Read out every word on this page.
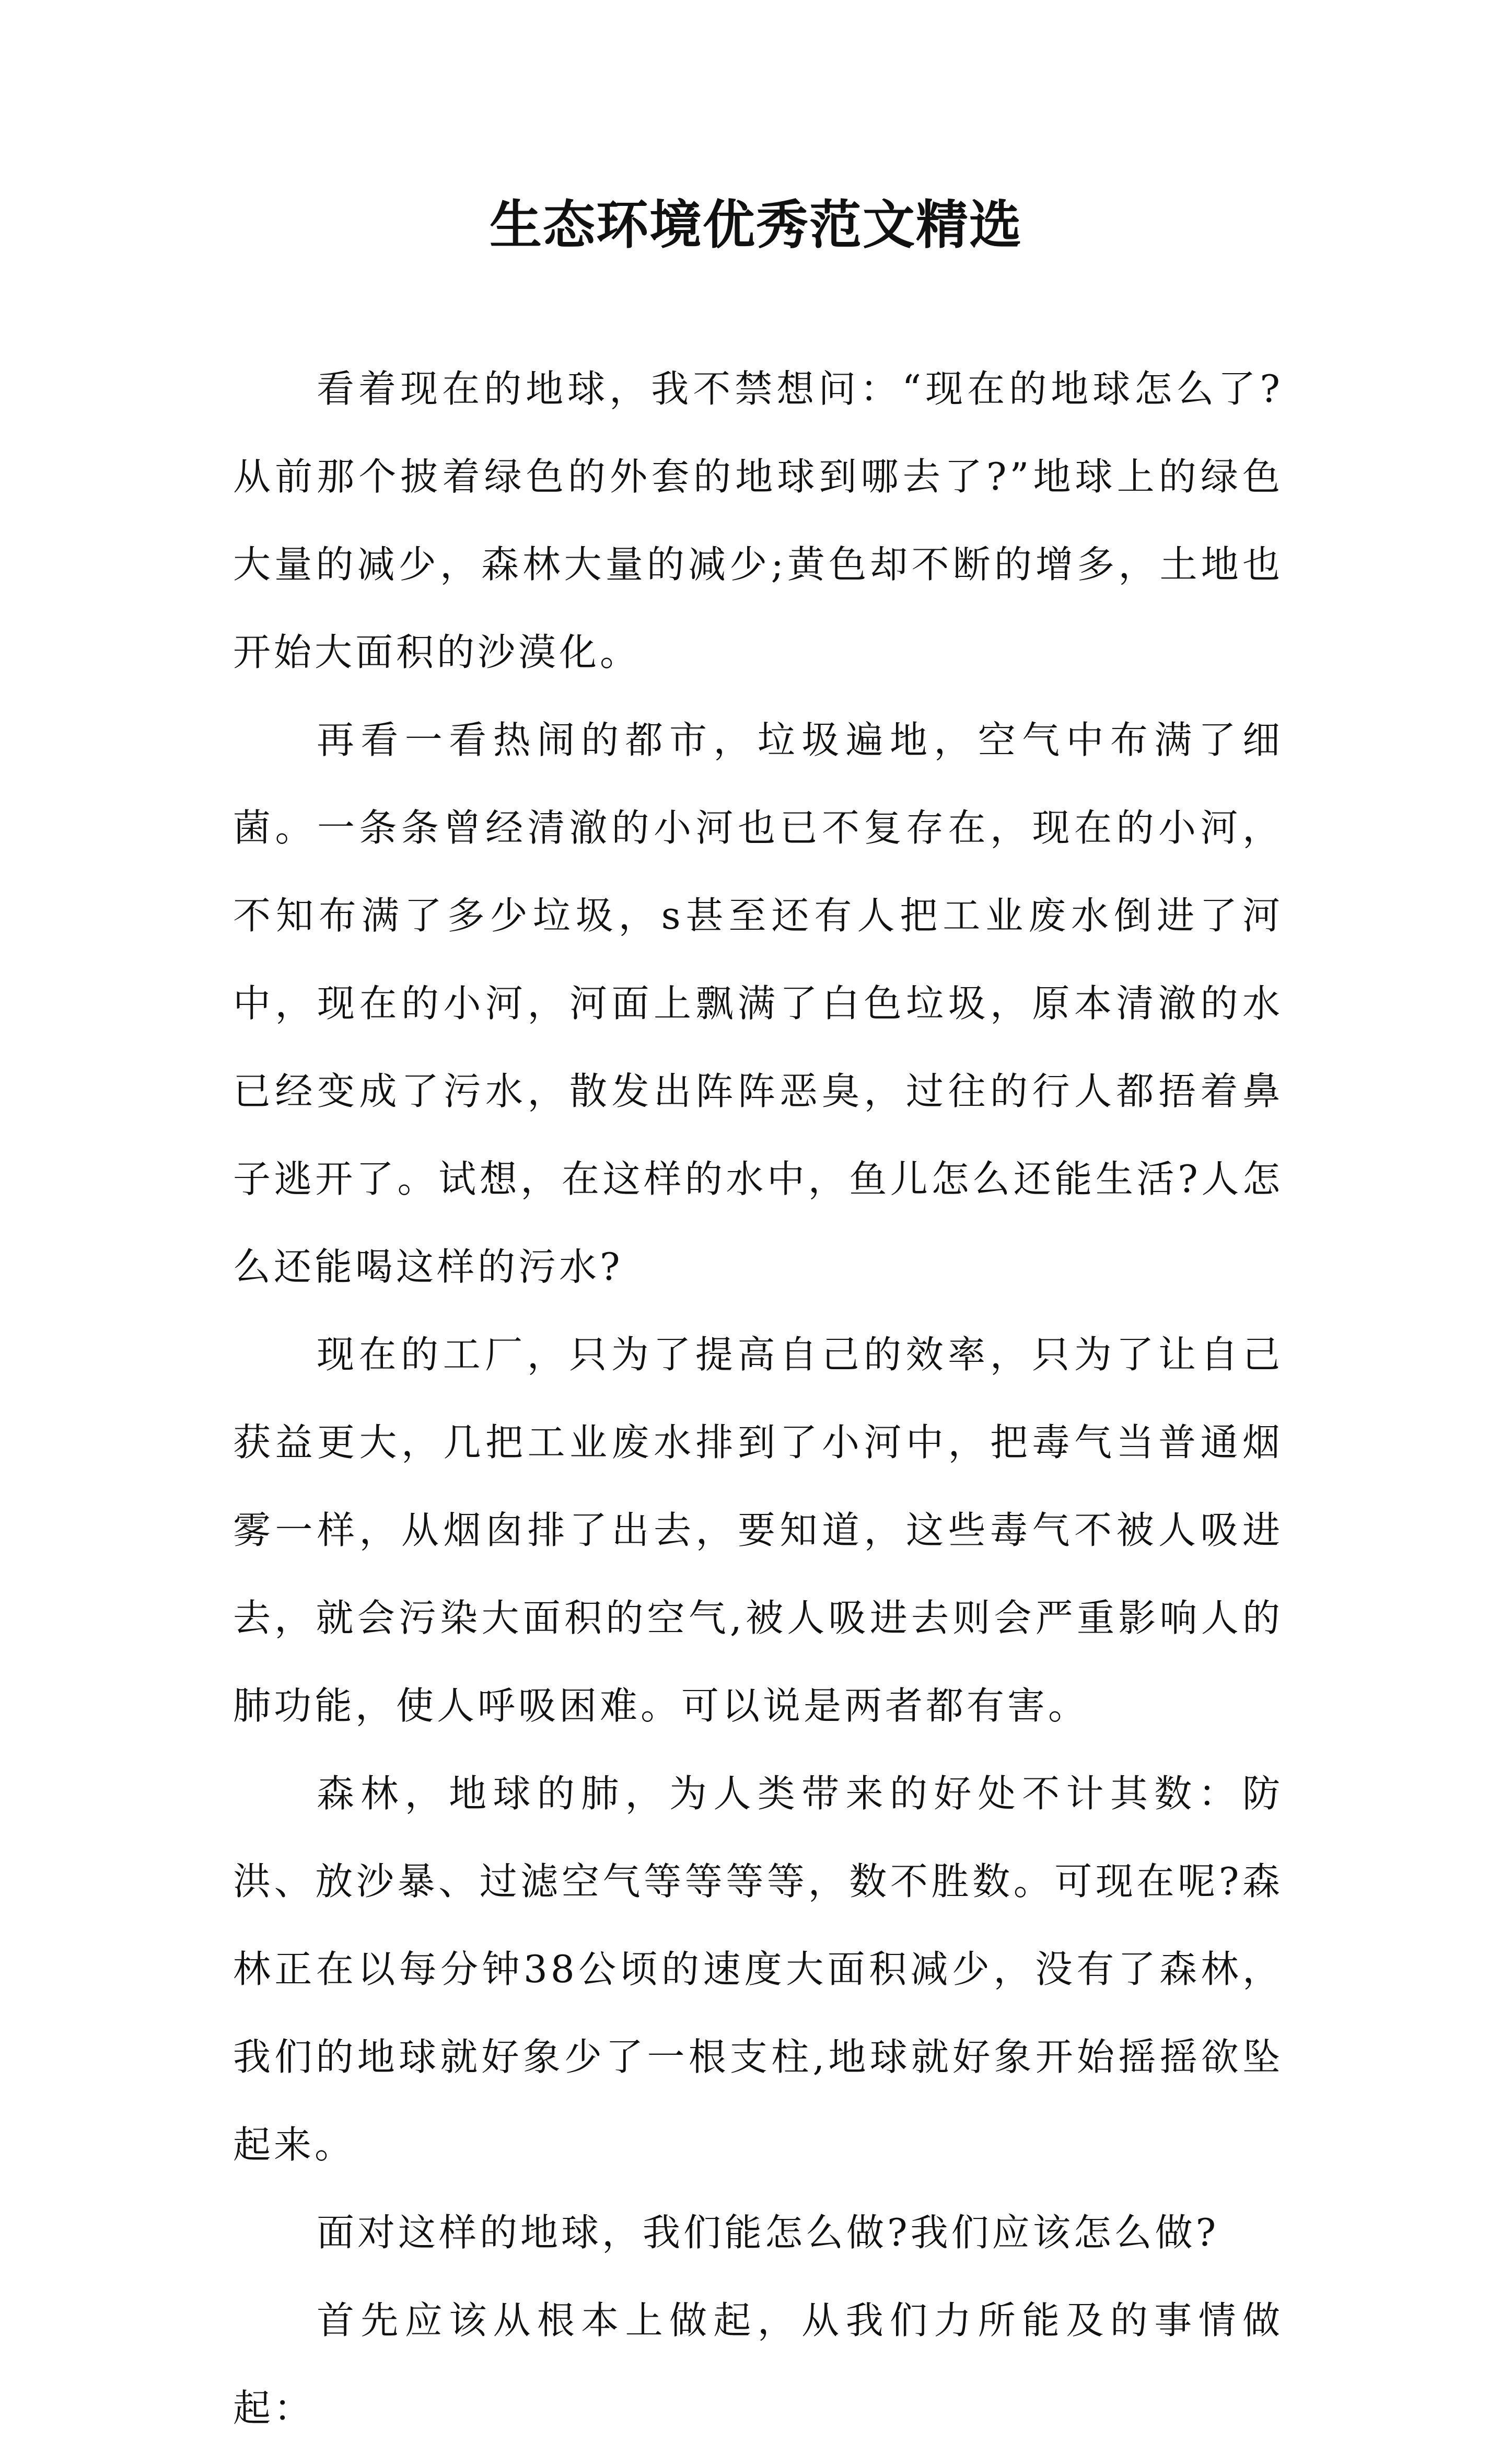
生态环境优秀范文精选

看着现在的地球，我不禁想问：“现在的地球怎么了?从前那个披着绿色的外套的地球到哪去了?”地球上的绿色大量的减少，森林大量的减少;黄色却不断的增多，土地也开始大面积的沙漠化。

再看一看热闹的都市，垃圾遍地，空气中布满了细菌。一条条曾经清澈的小河也已不复存在，现在的小河，不知布满了多少垃圾，s甚至还有人把工业废水倒进了河中，现在的小河，河面上飘满了白色垃圾，原本清澈的水已经变成了污水，散发出阵阵恶臭，过往的行人都捂着鼻子逃开了。试想，在这样的水中，鱼儿怎么还能生活?人怎么还能喝这样的污水?

现在的工厂，只为了提高自己的效率，只为了让自己获益更大，几把工业废水排到了小河中，把毒气当普通烟雾一样，从烟囱排了出去，要知道，这些毒气不被人吸进去，就会污染大面积的空气,被人吸进去则会严重影响人的肺功能，使人呼吸困难。可以说是两者都有害。

森林，地球的肺，为人类带来的好处不计其数：防洪、放沙暴、过滤空气等等等等，数不胜数。可现在呢?森林正在以每分钟38公顷的速度大面积减少，没有了森林，我们的地球就好象少了一根支柱,地球就好象开始摇摇欲坠起来。

面对这样的地球，我们能怎么做?我们应该怎么做?

首先应该从根本上做起，从我们力所能及的事情做起：
